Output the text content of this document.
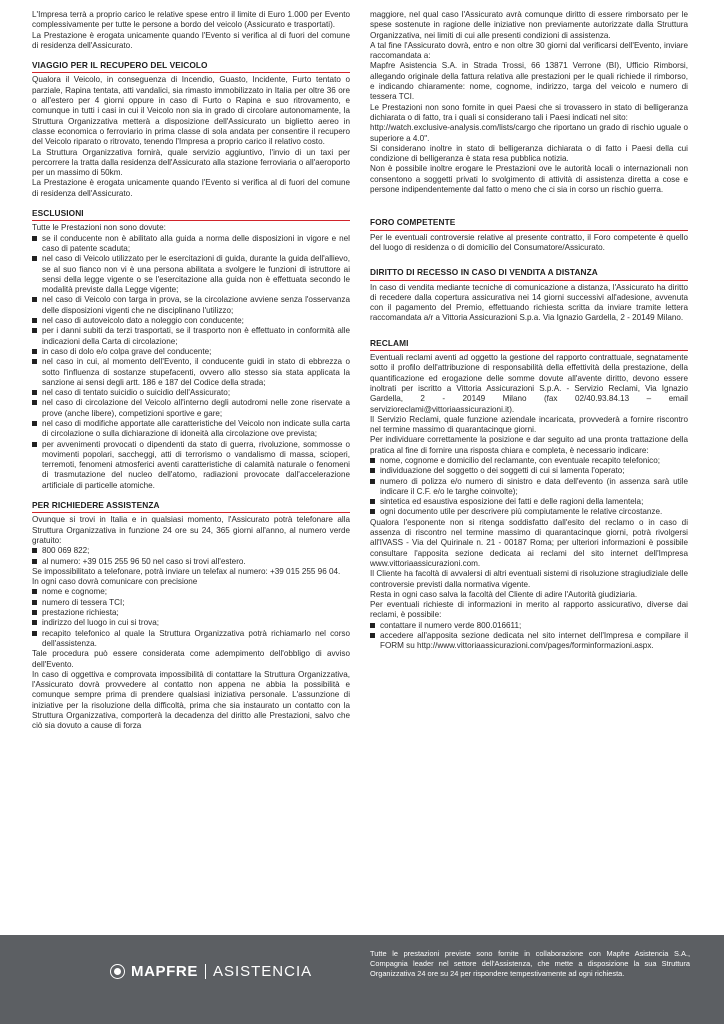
L'Impresa terrà a proprio carico le relative spese entro il limite di Euro 1.000 per Evento complessivamente per tutte le persone a bordo del veicolo (Assicurato e trasportati).

La Prestazione è erogata unicamente quando l'Evento si verifica al di fuori del comune di residenza dell'Assicurato.

VIAGGIO PER IL RECUPERO DEL VEICOLO

Qualora il Veicolo, in conseguenza di Incendio, Guasto, Incidente, Furto tentato o parziale, Rapina tentata, atti vandalici, sia rimasto immobilizzato in Italia per oltre 36 ore o all'estero per 4 giorni oppure in caso di Furto o Rapina e suo ritrovamento, e comunque in tutti i casi in cui il Veicolo non sia in grado di circolare autonomamente, la Struttura Organizzativa metterà a disposizione dell'Assicurato un biglietto aereo in classe economica o ferroviario in prima classe di sola andata per consentire il recupero del Veicolo riparato o ritrovato, tenendo l'Impresa a proprio carico il relativo costo.

La Struttura Organizzativa fornirà, quale servizio aggiuntivo, l'invio di un taxi per percorrere la tratta dalla residenza dell'Assicurato alla stazione ferroviaria o all'aeroporto per un massimo di 50km.

La Prestazione è erogata unicamente quando l'Evento si verifica al di fuori del comune di residenza dell'Assicurato.

ESCLUSIONI

Tutte le Prestazioni non sono dovute:

se il conducente non è abilitato alla guida a norma delle disposizioni in vigore e nel caso di patente scaduta;
nel caso di Veicolo utilizzato per le esercitazioni di guida, durante la guida dell'allievo, se al suo fianco non vi è una persona abilitata a svolgere le funzioni di istruttore ai sensi della legge vigente o se l'esercitazione alla guida non è effettuata secondo le modalità previste dalla Legge vigente;
nel caso di Veicolo con targa in prova, se la circolazione avviene senza l'osservanza delle disposizioni vigenti che ne disciplinano l'utilizzo;
nel caso di autoveicolo dato a noleggio con conducente;
per i danni subiti da terzi trasportati, se il trasporto non è effettuato in conformità alle indicazioni della Carta di circolazione;
in caso di dolo e/o colpa grave del conducente;
nel caso in cui, al momento dell'Evento, il conducente guidi in stato di ebbrezza o sotto l'influenza di sostanze stupefacenti, ovvero allo stesso sia stata applicata la sanzione ai sensi degli artt. 186 e 187 del Codice della strada;
nel caso di tentato suicidio o suicidio dell'Assicurato;
nel caso di circolazione del Veicolo all'interno degli autodromi nelle zone riservate a prove (anche libere), competizioni sportive e gare;
nel caso di modifiche apportate alle caratteristiche del Veicolo non indicate sulla carta di circolazione o sulla dichiarazione di idoneità alla circolazione ove prevista;
per avvenimenti provocati o dipendenti da stato di guerra, rivoluzione, sommosse o movimenti popolari, saccheggi, atti di terrorismo o vandalismo di massa, scioperi, terremoti, fenomeni atmosferici aventi caratteristiche di calamità naturale o fenomeni di trasmutazione del nucleo dell'atomo, radiazioni provocate dall'accelerazione artificiale di particelle atomiche.
PER RICHIEDERE ASSISTENZA

Ovunque si trovi in Italia e in qualsiasi momento, l'Assicurato potrà telefonare alla Struttura Organizzativa in funzione 24 ore su 24, 365 giorni all'anno, al numero verde gratuito:

800 069 822;
al numero: +39 015 255 96 50 nel caso si trovi all'estero.

Se impossibilitato a telefonare, potrà inviare un telefax al numero: +39 015 255 96 04.

In ogni caso dovrà comunicare con precisione

nome e cognome;
numero di tessera TCI;
prestazione richiesta;
indirizzo del luogo in cui si trova;
recapito telefonico al quale la Struttura Organizzativa potrà richiamarlo nel corso dell'assistenza.

Tale procedura può essere considerata come adempimento dell'obbligo di avviso dell'Evento.

In caso di oggettiva e comprovata impossibilità di contattare la Struttura Organizzativa, l'Assicurato dovrà provvedere al contatto non appena ne abbia la possibilità e comunque sempre prima di prendere qualsiasi iniziativa personale. L'assunzione di iniziative per la risoluzione della difficoltà, prima che sia instaurato un contatto con la Struttura Organizzativa, comporterà la decadenza del diritto alle Prestazioni, salvo che ciò sia dovuto a cause di forza

maggiore, nel qual caso l'Assicurato avrà comunque diritto di essere rimborsato per le spese sostenute in ragione delle iniziative non previamente autorizzate dalla Struttura Organizzativa, nei limiti di cui alle presenti condizioni di assistenza.

A tal fine l'Assicurato dovrà, entro e non oltre 30 giorni dal verificarsi dell'Evento, inviare raccomandata a:

Mapfre Asistencia S.A. in Strada Trossi, 66 13871 Verrone (BI), Ufficio Rimborsi, allegando originale della fattura relativa alle prestazioni per le quali richiede il rimborso, e indicando chiaramente: nome, cognome, indirizzo, targa del veicolo e numero di tessera TCI.

Le Prestazioni non sono fornite in quei Paesi che si trovassero in stato di belligeranza dichiarata o di fatto, tra i quali si considerano tali i Paesi indicati nel sito:

http://watch.exclusive-analysis.com/lists/cargo che riportano un grado di rischio uguale o superiore a 4.0".

Si considerano inoltre in stato di belligeranza dichiarata o di fatto i Paesi della cui condizione di belligeranza è stata resa pubblica notizia.

Non è possibile inoltre erogare le Prestazioni ove le autorità locali o internazionali non consentono a soggetti privati lo svolgimento di attività di assistenza diretta a cose e persone indipendentemente dal fatto o meno che ci sia in corso un rischio guerra.

FORO COMPETENTE

Per le eventuali controversie relative al presente contratto, il Foro competente è quello del luogo di residenza o di domicilio del Consumatore/Assicurato.

DIRITTO DI RECESSO IN CASO DI VENDITA A DISTANZA

In caso di vendita mediante tecniche di comunicazione a distanza, l'Assicurato ha diritto di recedere dalla copertura assicurativa nei 14 giorni successivi all'adesione, avvenuta con il pagamento del Premio, effettuando richiesta scritta da inviare tramite lettera raccomandata a/r a Vittoria Assicurazioni S.p.a. Via Ignazio Gardella, 2 - 20149 Milano.

RECLAMI

Eventuali reclami aventi ad oggetto la gestione del rapporto contrattuale, segnatamente sotto il profilo dell'attribuzione di responsabilità della effettività della prestazione, della quantificazione ed erogazione delle somme dovute all'avente diritto, devono essere inoltrati per iscritto a Vittoria Assicurazioni S.p.A. - Servizio Reclami, Via Ignazio Gardella, 2 - 20149 Milano (fax 02/40.93.84.13 – email servizioreclami@vittoriaassicurazioni.it).

Il Servizio Reclami, quale funzione aziendale incaricata, provvederà a fornire riscontro nel termine massimo di quarantacinque giorni.

Per individuare correttamente la posizione e dar seguito ad una pronta trattazione della pratica al fine di fornire una risposta chiara e completa, è necessario indicare:

nome, cognome e domicilio del reclamante, con eventuale recapito telefonico;
individuazione del soggetto o dei soggetti di cui si lamenta l'operato;
numero di polizza e/o numero di sinistro e data dell'evento (in assenza sarà utile indicare il C.F. e/o le targhe coinvolte);
sintetica ed esaustiva esposizione dei fatti e delle ragioni della lamentela;
ogni documento utile per descrivere più compiutamente le relative circostanze.

Qualora l'esponente non si ritenga soddisfatto dall'esito del reclamo o in caso di assenza di riscontro nel termine massimo di quarantacinque giorni, potrà rivolgersi all'IVASS - Via del Quirinale n. 21 - 00187 Roma; per ulteriori informazioni è possibile consultare l'apposita sezione dedicata ai reclami del sito internet dell'Impresa www.vittoriaassicurazioni.com.

Il Cliente ha facoltà di avvalersi di altri eventuali sistemi di risoluzione stragiudiziale delle controversie previsti dalla normativa vigente.

Resta in ogni caso salva la facoltà del Cliente di adire l'Autorità giudiziaria.

Per eventuali richieste di informazioni in merito al rapporto assicurativo, diverse dai reclami, è possibile:

contattare il numero verde 800.016611;
accedere all'apposita sezione dedicata nel sito internet dell'Impresa e compilare il FORM su http://www.vittoriaassicurazioni.com/pages/forminformazioni.aspx.
MAPFRE ASISTENCIA
Tutte le prestazioni previste sono fornite in collaborazione con Mapfre Asistencia S.A., Compagnia leader nel settore dell'Assistenza, che mette a disposizione la sua Struttura Organizzativa 24 ore su 24 per rispondere tempestivamente ad ogni richiesta.
